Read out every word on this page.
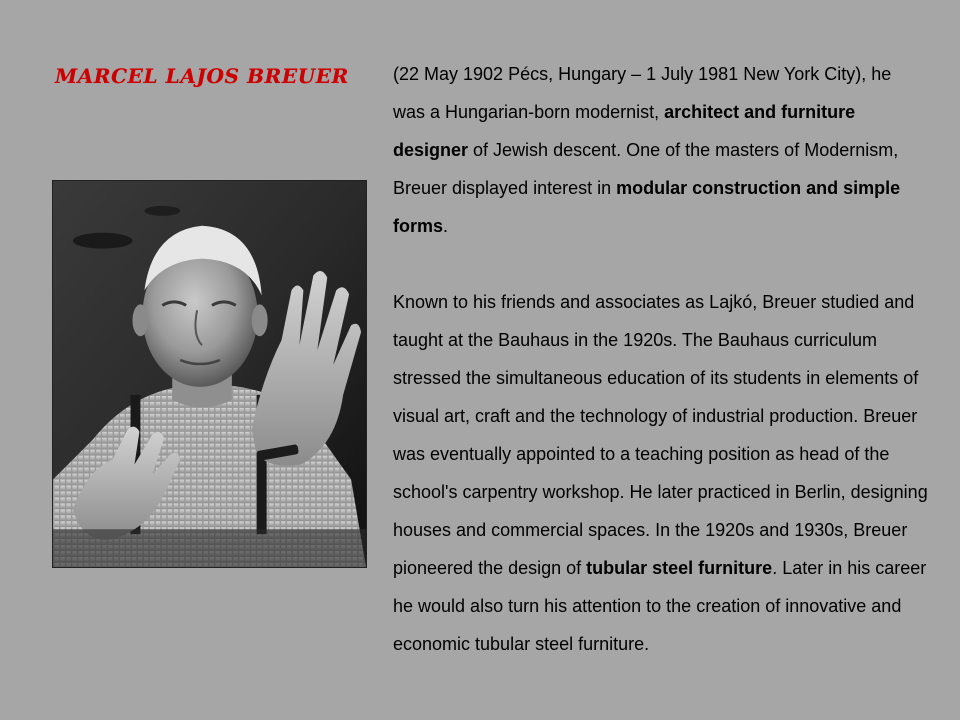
MARCEL LAJOS BREUER	(22 May 1902 Pécs, Hungary – 1 July 1981 New York City), he was a Hungarian-born modernist, architect and furniture designer of Jewish descent. One of the masters of Modernism, Breuer displayed interest in modular construction and simple forms.

Known to his friends and associates as Lajkó, Breuer studied and taught at the Bauhaus in the 1920s. The Bauhaus curriculum stressed the simultaneous education of its students in elements of visual art, craft and the technology of industrial production. Breuer was eventually appointed to a teaching position as head of the school's carpentry workshop. He later practiced in Berlin, designing houses and commercial spaces. In the 1920s and 1930s, Breuer pioneered the design of tubular steel furniture. Later in his career he would also turn his attention to the creation of innovative and economic tubular steel furniture.
